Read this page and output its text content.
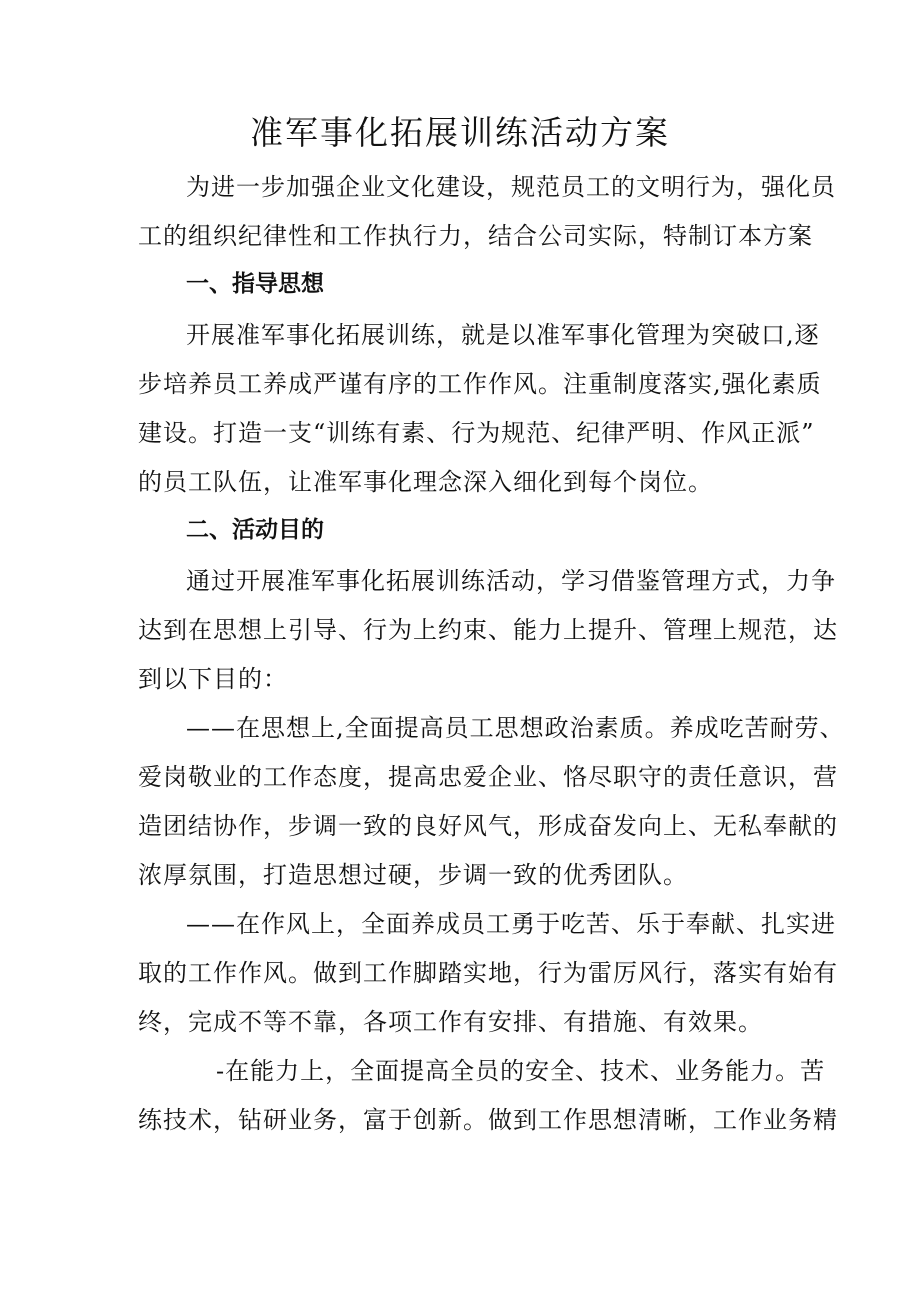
准军事化拓展训练活动方案
为进一步加强企业文化建设，规范员工的文明行为，强化员
工的组织纪律性和工作执行力，结合公司实际，特制订本方案
一、指导思想
开展准军事化拓展训练，就是以准军事化管理为突破口,逐
步培养员工养成严谨有序的工作作风。注重制度落实,强化素质
建设。打造一支“训练有素、行为规范、纪律严明、作风正派”
的员工队伍，让准军事化理念深入细化到每个岗位。
二、活动目的
通过开展准军事化拓展训练活动，学习借鉴管理方式，力争
达到在思想上引导、行为上约束、能力上提升、管理上规范，达
到以下目的：
——在思想上,全面提高员工思想政治素质。养成吃苦耐劳、
爱岗敬业的工作态度，提高忠爱企业、恪尽职守的责任意识，营
造团结协作，步调一致的良好风气，形成奋发向上、无私奉献的
浓厚氛围，打造思想过硬，步调一致的优秀团队。
——在作风上，全面养成员工勇于吃苦、乐于奉献、扎实进
取的工作作风。做到工作脚踏实地，行为雷厉风行，落实有始有
终，完成不等不靠，各项工作有安排、有措施、有效果。
-在能力上，全面提高全员的安全、技术、业务能力。苦
练技术，钻研业务，富于创新。做到工作思想清晰，工作业务精
